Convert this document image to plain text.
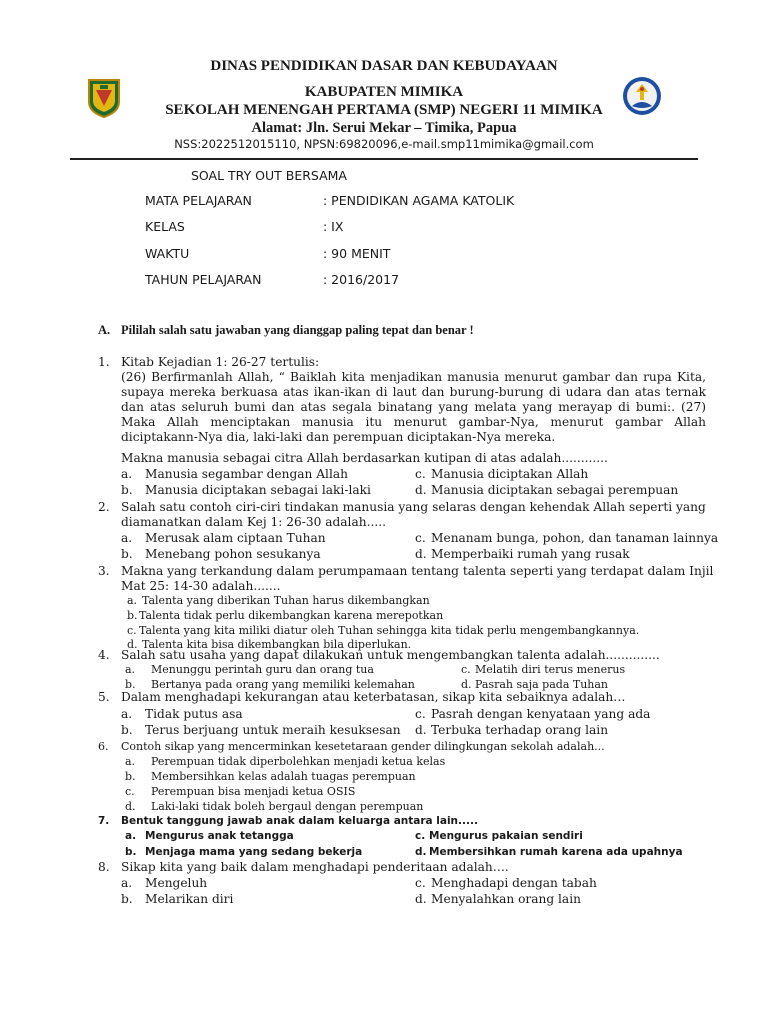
DINAS PENDIDIKAN DASAR DAN KEBUDAYAAN
KABUPATEN MIMIKA
SEKOLAH MENENGAH PERTAMA (SMP) NEGERI 11 MIMIKA
Alamat: Jln. Serui Mekar – Timika, Papua
NSS:2022512015110, NPSN:69820096,e-mail.smp11mimika@gmail.com
SOAL TRY OUT BERSAMA
MATA PELAJARAN	: PENDIDIKAN AGAMA KATOLIK
KELAS	: IX
WAKTU	: 90 MENIT
TAHUN PELAJARAN	: 2016/2017
A. Pililah salah satu jawaban yang dianggap paling tepat dan benar !
1. Kitab Kejadian 1: 26-27 tertulis:
(26) Berfirmanlah Allah, “ Baiklah kita menjadikan manusia menurut gambar dan rupa Kita, supaya mereka berkuasa atas ikan-ikan di laut dan burung-burung di udara dan atas ternak dan atas seluruh bumi dan atas segala binatang yang melata yang merayap di bumi:. (27) Maka Allah menciptakan manusia itu menurut gambar-Nya, menurut gambar Allah diciptakann-Nya dia, laki-laki dan perempuan diciptakan-Nya mereka.
Makna manusia sebagai citra Allah berdasarkan kutipan di atas adalah............
a. Manusia segambar dengan Allah
b. Manusia diciptakan sebagai laki-laki
c. Manusia diciptakan Allah
d. Manusia diciptakan sebagai perempuan
2. Salah satu contoh ciri-ciri tindakan manusia yang selaras dengan kehendak Allah seperti yang
diamanatkan dalam Kej 1: 26-30 adalah.....
a. Merusak alam ciptaan Tuhan
b. Menebang pohon sesukanya
c. Menanam bunga, pohon, dan tanaman lainnya
d. Memperbaiki rumah yang rusak
3. Makna yang terkandung dalam perumpamaan tentang talenta seperti yang terdapat dalam Injil
Mat 25: 14-30 adalah.......
a. Talenta yang diberikan Tuhan harus dikembangkan
b. Talenta tidak perlu dikembangkan karena merepotkan
c. Talenta yang kita miliki diatur oleh Tuhan sehingga kita tidak perlu mengembangkannya.
d. Talenta kita bisa dikembangkan bila diperlukan.
4. Salah satu usaha yang dapat dilakukan untuk mengembangkan talenta adalah..............
a. Menunggu perintah guru dan orang tua
b. Bertanya pada orang yang memiliki kelemahan
c. Melatih diri terus menerus
d. Pasrah saja pada Tuhan
5. Dalam menghadapi kekurangan atau keterbatasan, sikap kita sebaiknya adalah…
a. Tidak putus asa
b. Terus berjuang untuk meraih kesuksesan
c. Pasrah dengan kenyataan yang ada
d. Terbuka terhadap orang lain
6. Contoh sikap yang mencerminkan kesetetaraan gender dilingkungan sekolah adalah...
a. Perempuan tidak diperbolehkan menjadi ketua kelas
b. Membersihkan kelas adalah tuagas perempuan
c. Perempuan bisa menjadi ketua OSIS
d. Laki-laki tidak boleh bergaul dengan perempuan
7. Bentuk tanggung jawab anak dalam keluarga antara lain.....
a. Mengurus anak tetangga
b. Menjaga mama yang sedang bekerja
c. Mengurus pakaian sendiri
d. Membersihkan rumah karena ada upahnya
8. Sikap kita yang baik dalam menghadapi penderitaan adalah….
a. Mengeluh
b. Melarikan diri
c. Menghadapi dengan tabah
d. Menyalahkan orang lain
